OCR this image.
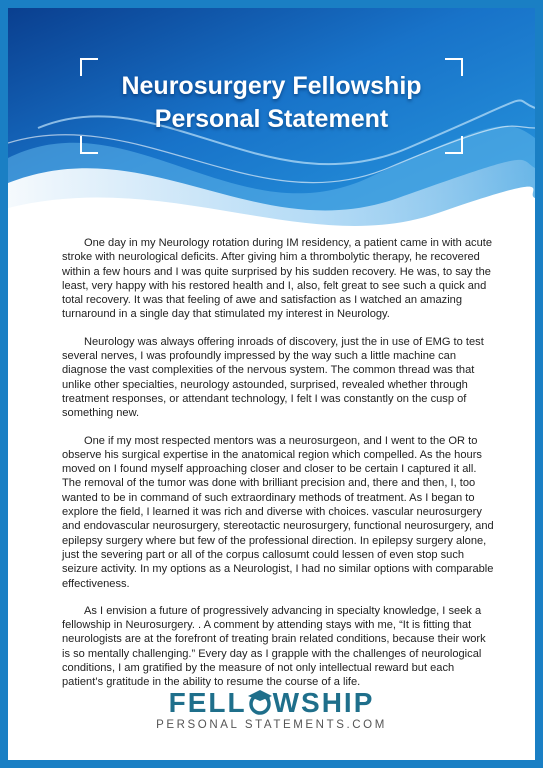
Neurosurgery Fellowship
Personal Statement

One day in my Neurology rotation during IM residency, a patient came in with acute stroke with neurological deficits. After giving him a thrombolytic therapy, he recovered within a few hours and I was quite surprised by his sudden recovery. He was, to say the least, very happy with his restored health and I, also, felt great to see such a quick and total recovery. It was that feeling of awe and satisfaction as I watched an amazing turnaround in a single day that stimulated my interest in Neurology.

Neurology was always offering inroads of discovery, just the in use of EMG to test several nerves, I was profoundly impressed by the way such a little machine can diagnose the vast complexities of the nervous system. The common thread was that unlike other specialties, neurology astounded, surprised, revealed whether through treatment responses, or attendant technology, I felt I was constantly on the cusp of something new.

One if my most respected mentors was a neurosurgeon, and I went to the OR to observe his surgical expertise in the anatomical region which compelled. As the hours moved on I found myself approaching closer and closer to be certain I captured it all. The removal of the tumor was done with brilliant precision and, there and then, I, too wanted to be in command of such extraordinary methods of treatment. As I began to explore the field, I learned it was rich and diverse with choices. vascular neurosurgery and endovascular neurosurgery, stereotactic neurosurgery, functional neurosurgery, and epilepsy surgery where but few of the professional direction. In epilepsy surgery alone, just the severing part or all of the corpus callosumt could lessen of even stop such seizure activity. In my options as a Neurologist, I had no similar options with comparable effectiveness.

As I envision a future of progressively advancing in specialty knowledge, I seek a fellowship in Neurosurgery. . A comment by attending stays with me, “It is fitting that neurologists are at the forefront of treating brain related conditions, because their work is so mentally challenging.” Every day as I grapple with the challenges of neurological conditions, I am gratified by the measure of not only intellectual reward but each patient’s gratitude in the ability to resume the course of a life.

FELL WSHIP
PERSONAL STATEMENTS.COM
